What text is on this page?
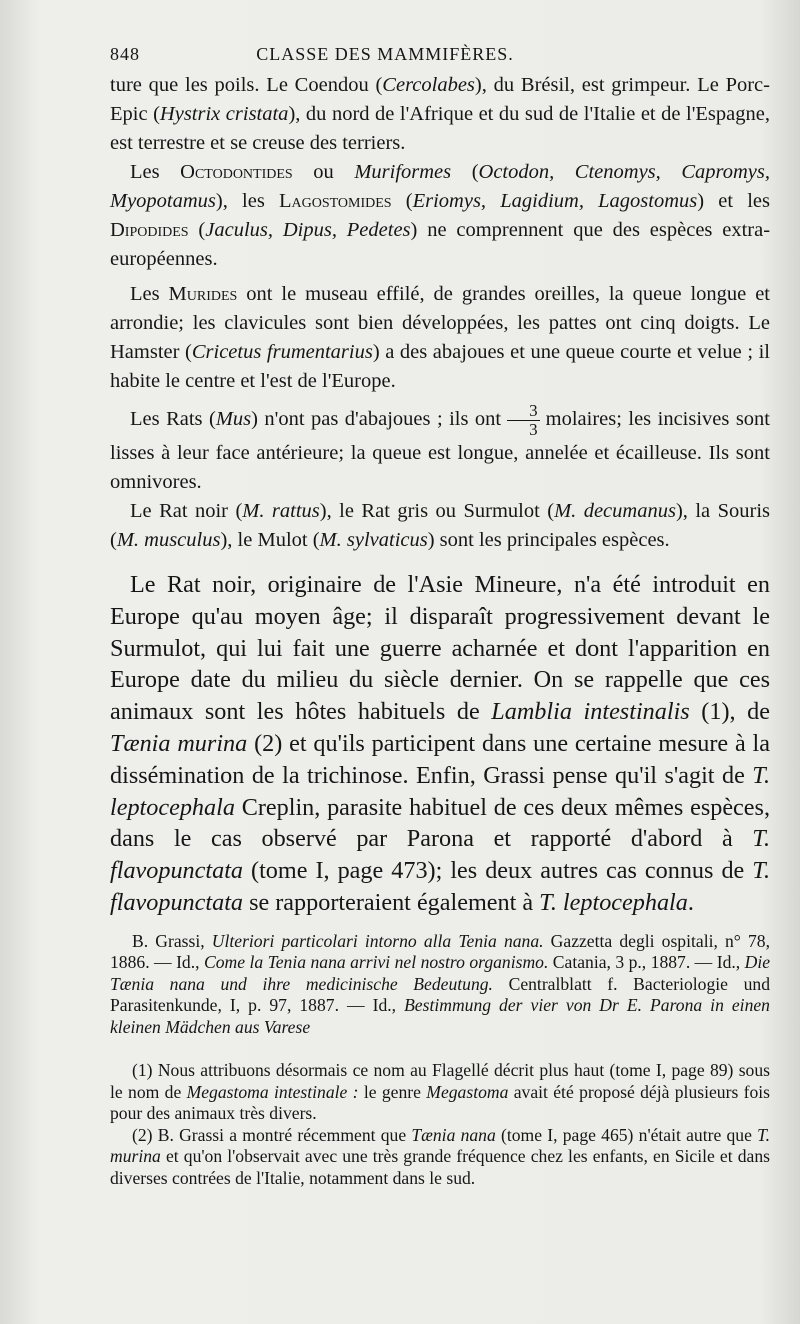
848	CLASSE DES MAMMIFÈRES.

ture que les poils. Le Coendou (Cercolabes), du Brésil, est grimpeur. Le Porc-Epic (Hystrix cristata), du nord de l'Afrique et du sud de l'Italie et de l'Espagne, est terrestre et se creuse des terriers.

Les Octodontides ou Muriformes (Octodon, Ctenomys, Capromys, Myopotamus), les Lagostomides (Eriomys, Lagidium, Lagostomus) et les Dipodides (Jaculus, Dipus, Pedetes) ne comprennent que des espèces extra-européennes.

Les Murides ont le museau effilé, de grandes oreilles, la queue longue et arrondie; les clavicules sont bien développées, les pattes ont cinq doigts. Le Hamster (Cricetus frumentarius) a des abajoues et une queue courte et velue ; il habite le centre et l'est de l'Europe.

Les Rats (Mus) n'ont pas d'abajoues ; ils ont $\frac{3}{3}$ molaires; les incisives sont lisses à leur face antérieure; la queue est longue, annelée et écailleuse. Ils sont omnivores.

Le Rat noir (M. rattus), le Rat gris ou Surmulot (M. decumanus), la Souris (M. musculus), le Mulot (M. sylvaticus) sont les principales espèces.

Le Rat noir, originaire de l'Asie Mineure, n'a été introduit en Europe qu'au moyen âge; il disparaît progressivement devant le Surmulot, qui lui fait une guerre acharnée et dont l'apparition en Europe date du milieu du siècle dernier. On se rappelle que ces animaux sont les hôtes habituels de Lamblia intestinalis (1), de Tænia murina (2) et qu'ils participent dans une certaine mesure à la dissémination de la trichinose. Enfin, Grassi pense qu'il s'agit de T. leptocephala Creplin, parasite habituel de ces deux mêmes espèces, dans le cas observé par Parona et rapporté d'abord à T. flavopunctata (tome I, page 473); les deux autres cas connus de T. flavopunctata se rapporteraient également à T. leptocephala.

B. Grassi, Ulteriori particolari intorno alla Tenia nana. Gazzetta degli ospitali, n° 78, 1886. — Id., Come la Tenia nana arrivi nel nostro organismo. Catania, 3 p., 1887. — Id., Die Tænia nana und ihre medicinische Bedeutung. Centralblatt f. Bacteriologie und Parasitenkunde, I, p. 97, 1887. — Id., Bestimmung der vier von Dr E. Parona in einen kleinen Mädchen aus Varese

(1) Nous attribuons désormais ce nom au Flagellé décrit plus haut (tome I, page 89) sous le nom de Megastoma intestinale : le genre Megastoma avait été proposé déjà plusieurs fois pour des animaux très divers.

(2) B. Grassi a montré récemment que Tænia nana (tome I, page 465) n'était autre que T. murina et qu'on l'observait avec une très grande fréquence chez les enfants, en Sicile et dans diverses contrées de l'Italie, notamment dans le sud.
